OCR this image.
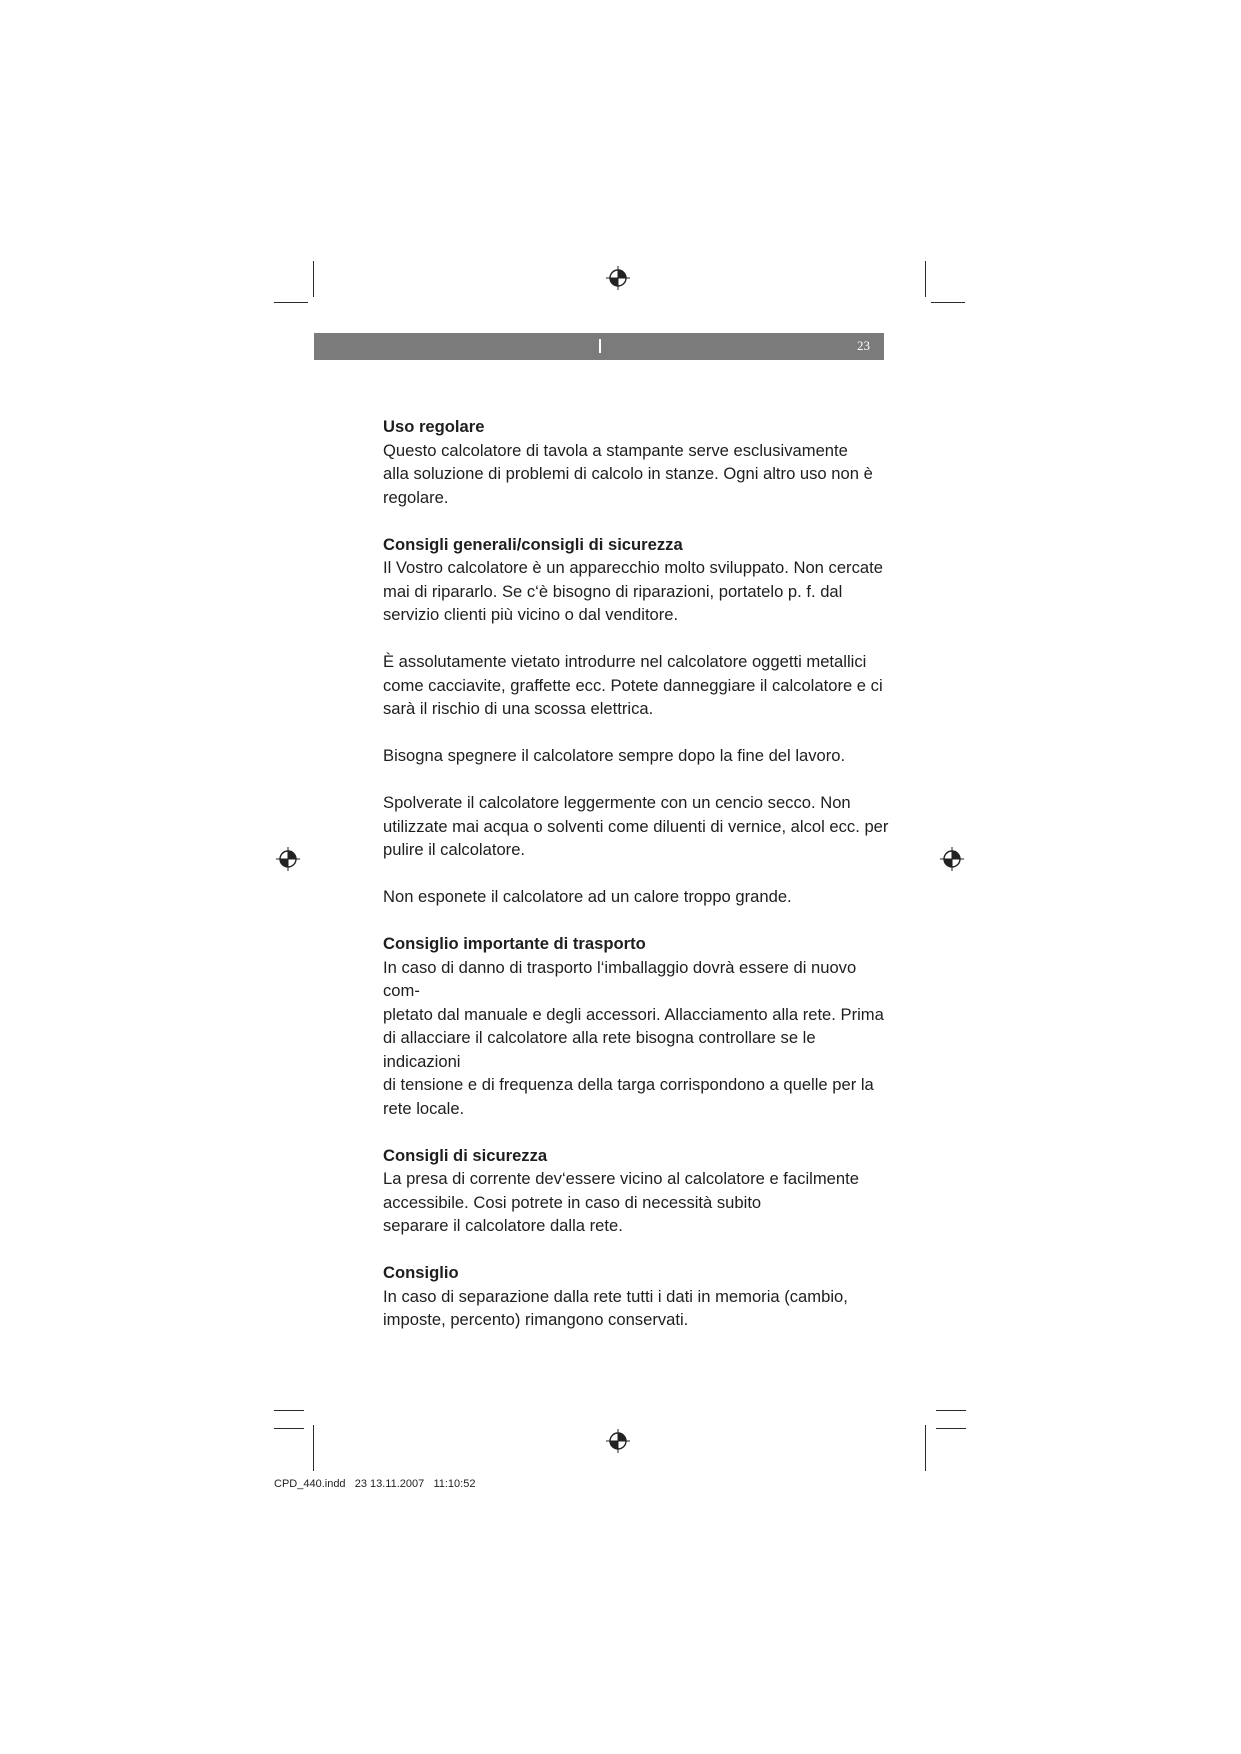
23
Uso regolare

Questo calcolatore di tavola a stampante serve esclusivamente
alla soluzione di problemi di calcolo in stanze. Ogni altro uso non è
regolare.

Consigli generali/consigli di sicurezza

Il Vostro calcolatore è un apparecchio molto sviluppato. Non cercate
mai di ripararlo. Se c‘è bisogno di riparazioni, portatelo p. f. dal
servizio clienti più vicino o dal venditore.

È assolutamente vietato introdurre nel calcolatore oggetti metallici
come cacciavite, graffette ecc. Potete danneggiare il calcolatore e ci
sarà il rischio di una scossa elettrica.

Bisogna spegnere il calcolatore sempre dopo la fine del lavoro.

Spolverate il calcolatore leggermente con un cencio secco. Non
utilizzate mai acqua o solventi come diluenti di vernice, alcol ecc. per
pulire il calcolatore.

Non esponete il calcolatore ad un calore troppo grande.

Consiglio importante di trasporto

In caso di danno di trasporto l‘imballaggio dovrà essere di nuovo com-
pletato dal manuale e degli accessori. Allacciamento alla rete. Prima
di allacciare il calcolatore alla rete bisogna controllare se le indicazioni
di tensione e di frequenza della targa corrispondono a quelle per la
rete locale.

Consigli di sicurezza

La presa di corrente dev‘essere vicino al calcolatore e facilmente
accessibile. Cosi potrete in caso di necessità subito
separare il calcolatore dalla rete.

Consiglio

In caso di separazione dalla rete tutti i dati in memoria (cambio,
imposte, percento) rimangono conservati.

CPD_440.indd   23 13.11.2007 11:10:52
